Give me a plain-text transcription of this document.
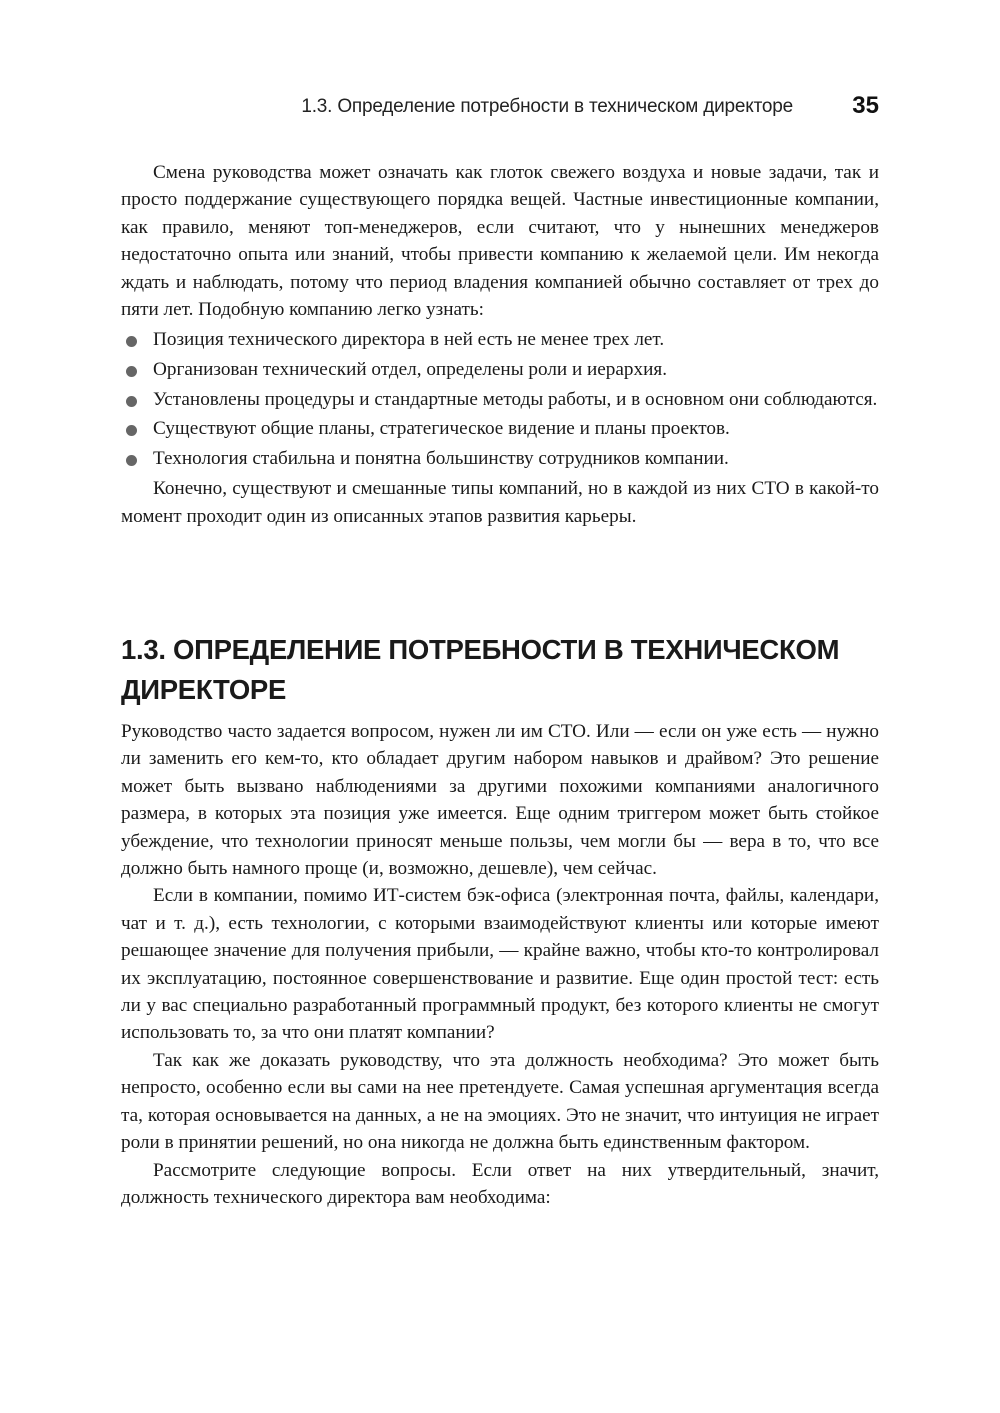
1.3. Определение потребности в техническом директоре 35

Смена руководства может означать как глоток свежего воздуха и новые задачи, так и просто поддержание существующего порядка вещей. Частные инвестиционные компании, как правило, меняют топ-менеджеров, если считают, что у нынешних менеджеров недостаточно опыта или знаний, чтобы привести компанию к желаемой цели. Им некогда ждать и наблюдать, потому что период владения компанией обычно составляет от трех до пяти лет. Подобную компанию легко узнать:

Позиция технического директора в ней есть не менее трех лет.
Организован технический отдел, определены роли и иерархия.
Установлены процедуры и стандартные методы работы, и в основном они соблюдаются.
Существуют общие планы, стратегическое видение и планы проектов.
Технология стабильна и понятна большинству сотрудников компании.

Конечно, существуют и смешанные типы компаний, но в каждой из них CTO в какой-то момент проходит один из описанных этапов развития карьеры.

1.3. ОПРЕДЕЛЕНИЕ ПОТРЕБНОСТИ В ТЕХНИЧЕСКОМ
ДИРЕКТОРЕ

Руководство часто задается вопросом, нужен ли им CTO. Или — если он уже есть — нужно ли заменить его кем-то, кто обладает другим набором навыков и драйвом? Это решение может быть вызвано наблюдениями за другими похожими компаниями аналогичного размера, в которых эта позиция уже имеется. Еще одним триггером может быть стойкое убеждение, что технологии приносят меньше пользы, чем могли бы — вера в то, что все должно быть намного проще (и, возможно, дешевле), чем сейчас.

Если в компании, помимо ИТ-систем бэк-офиса (электронная почта, файлы, календари, чат и т. д.), есть технологии, с которыми взаимодействуют клиенты или которые имеют решающее значение для получения прибыли, — крайне важно, чтобы кто-то контролировал их эксплуатацию, постоянное совершенствование и развитие. Еще один простой тест: есть ли у вас специально разработанный программный продукт, без которого клиенты не смогут использовать то, за что они платят компании?

Так как же доказать руководству, что эта должность необходима? Это может быть непросто, особенно если вы сами на нее претендуете. Самая успешная аргументация всегда та, которая основывается на данных, а не на эмоциях. Это не значит, что интуиция не играет роли в принятии решений, но она никогда не должна быть единственным фактором.

Рассмотрите следующие вопросы. Если ответ на них утвердительный, значит, должность технического директора вам необходима:
